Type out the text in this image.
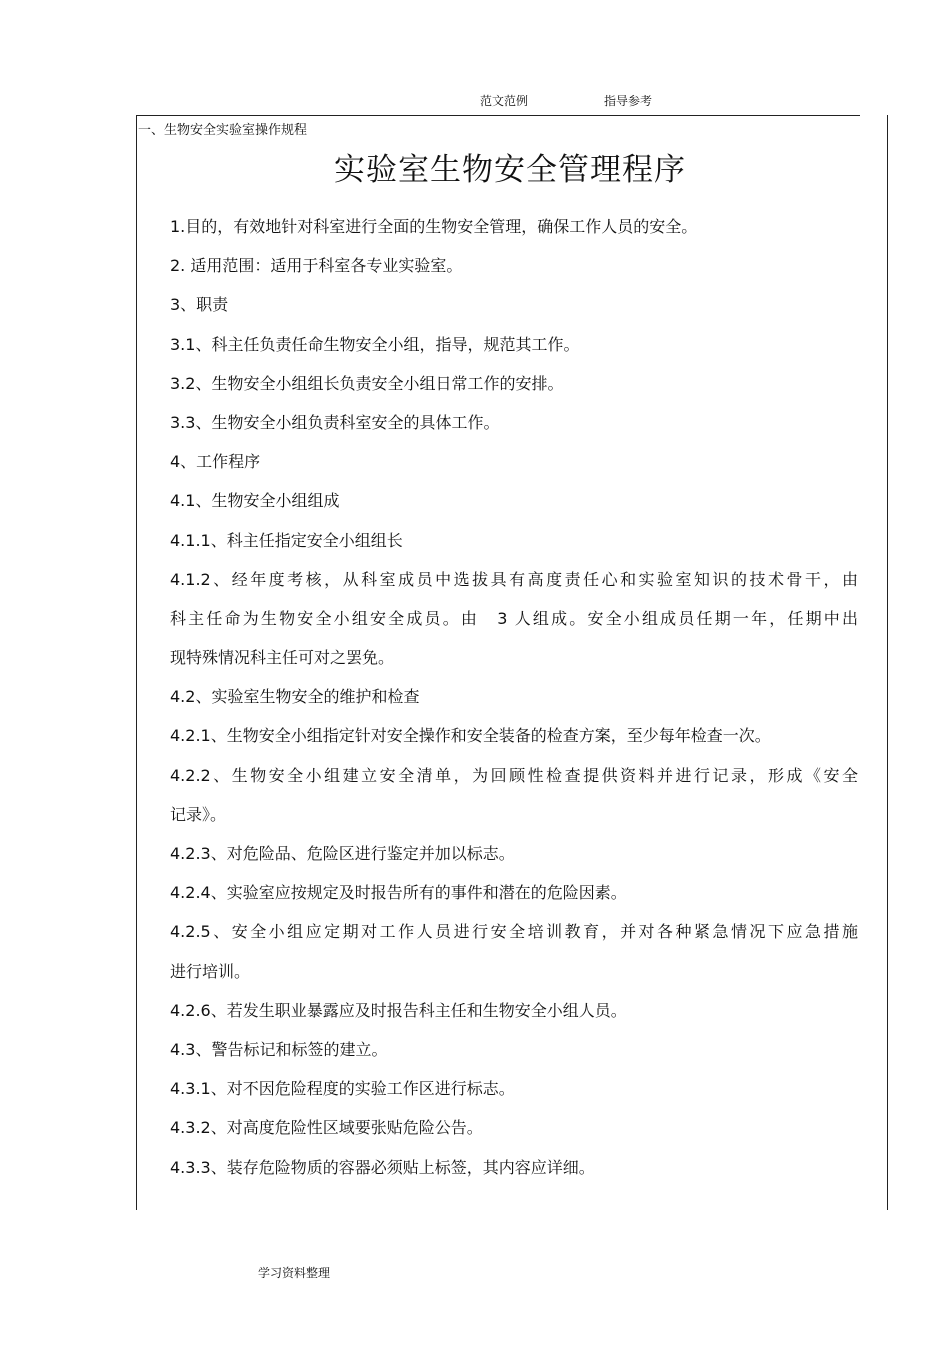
范文范例	指导参考
一、生物安全实验室操作规程
实验室生物安全管理程序
1.目的，有效地针对科室进行全面的生物安全管理，确保工作人员的安全。
2. 适用范围：适用于科室各专业实验室。
3、职责
3.1、科主任负责任命生物安全小组，指导，规范其工作。
3.2、生物安全小组组长负责安全小组日常工作的安排。
3.3、生物安全小组负责科室安全的具体工作。
4、工作程序
4.1、生物安全小组组成
4.1.1、科主任指定安全小组组长
4.1.2、经年度考核，从科室成员中选拔具有高度责任心和实验室知识的技术骨干，由
科主任命为生物安全小组安全成员。由　3 人组成。安全小组成员任期一年，任期中出
现特殊情况科主任可对之罢免。
4.2、实验室生物安全的维护和检查
4.2.1、生物安全小组指定针对安全操作和安全装备的检查方案，至少每年检查一次。
4.2.2、生物安全小组建立安全清单，为回顾性检查提供资料并进行记录，形成《安全
记录》。
4.2.3、对危险品、危险区进行鉴定并加以标志。
4.2.4、实验室应按规定及时报告所有的事件和潜在的危险因素。
4.2.5、安全小组应定期对工作人员进行安全培训教育，并对各种紧急情况下应急措施
进行培训。
4.2.6、若发生职业暴露应及时报告科主任和生物安全小组人员。
4.3、警告标记和标签的建立。
4.3.1、对不因危险程度的实验工作区进行标志。
4.3.2、对高度危险性区域要张贴危险公告。
4.3.3、装存危险物质的容器必须贴上标签，其内容应详细。
学习资料整理
